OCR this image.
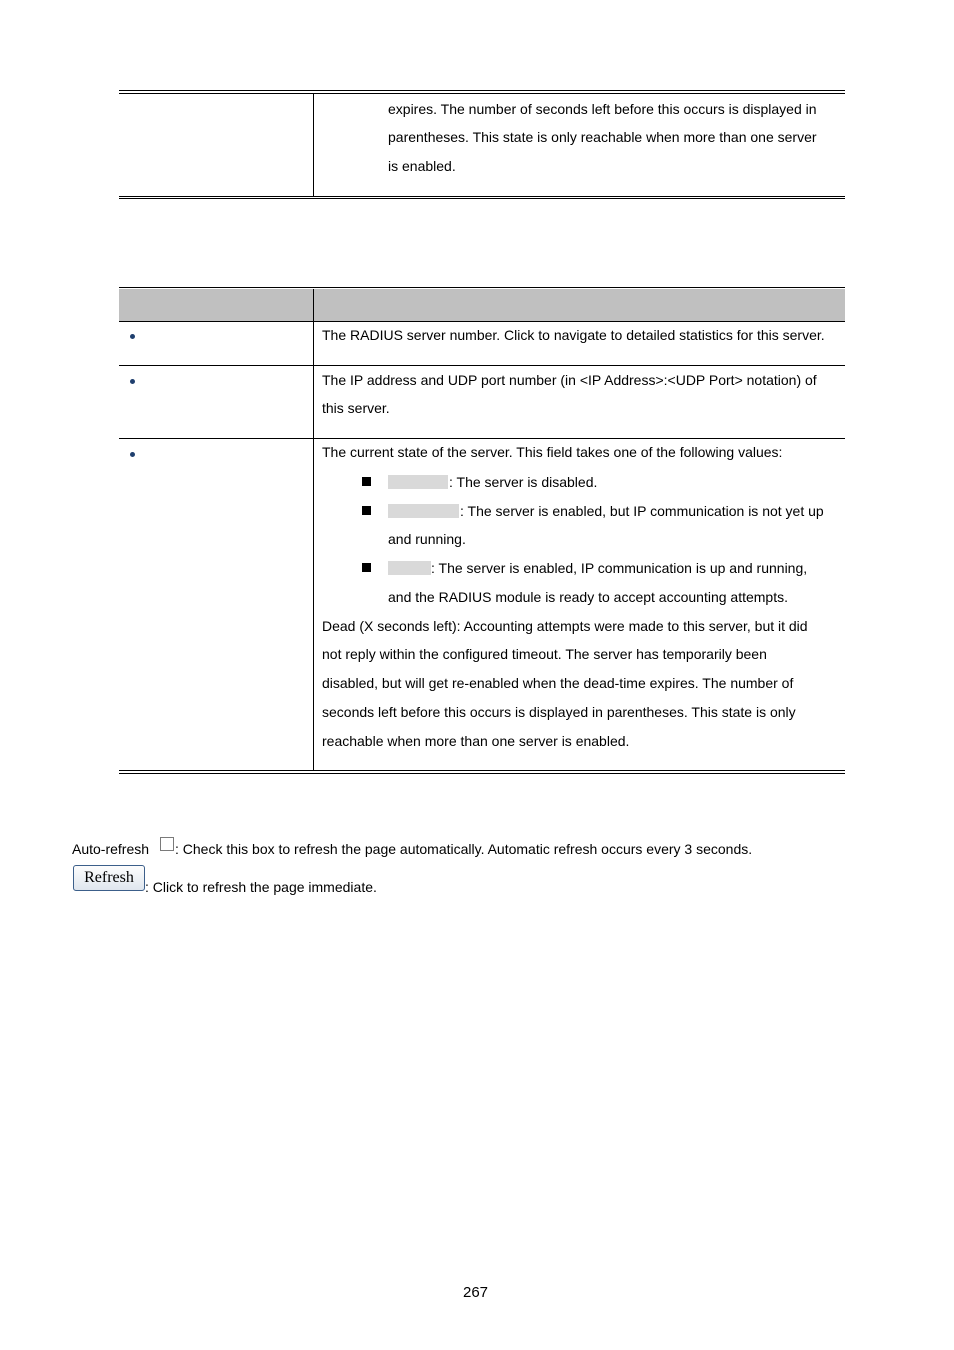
expires. The number of seconds left before this occurs is displayed in
parentheses. This state is only reachable when more than one server
is enabled.
The RADIUS server number. Click to navigate to detailed statistics for this server.
The IP address and UDP port number (in <IP Address>:<UDP Port> notation) of
this server.
The current state of the server. This field takes one of the following values:
: The server is disabled.
: The server is enabled, but IP communication is not yet up
and running.
: The server is enabled, IP communication is up and running,
and the RADIUS module is ready to accept accounting attempts.
Dead (X seconds left): Accounting attempts were made to this server, but it did
not reply within the configured timeout. The server has temporarily been
disabled, but will get re-enabled when the dead-time expires. The number of
seconds left before this occurs is displayed in parentheses. This state is only
reachable when more than one server is enabled.
Auto-refresh : Check this box to refresh the page automatically. Automatic refresh occurs every 3 seconds.
Refresh
: Click to refresh the page immediate.
267
